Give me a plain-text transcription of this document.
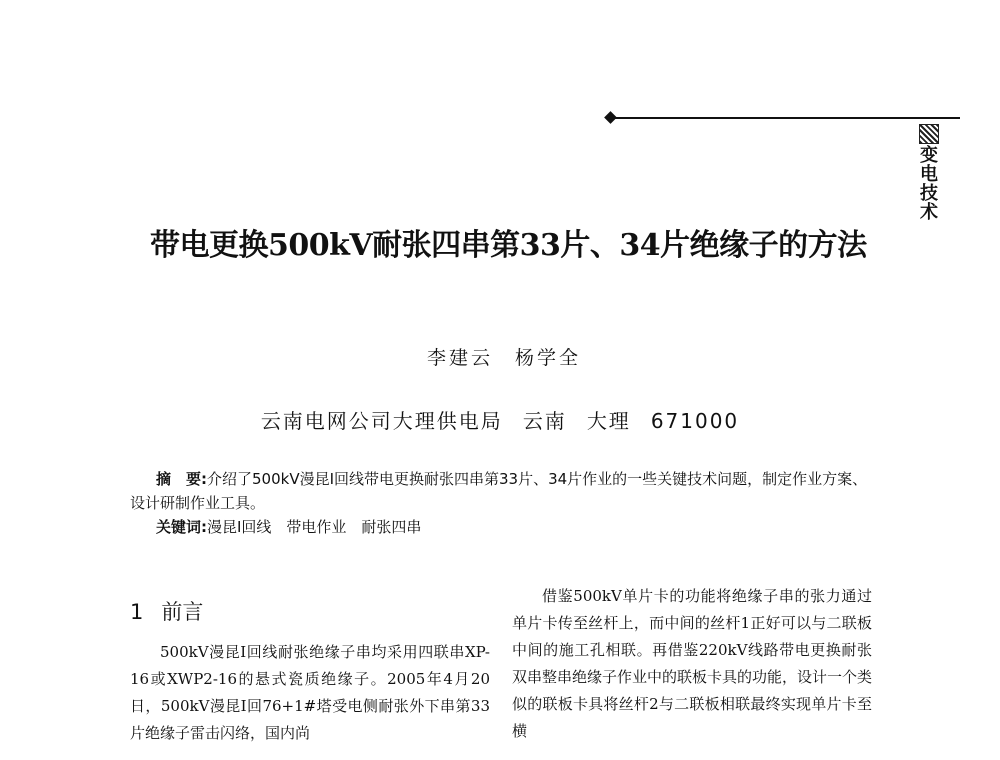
变
电
技
术
带电更换500kV耐张四串第33片、34片绝缘子的方法
李建云 杨学全
云南电网公司大理供电局 云南 大理 671000

摘　要:介绍了500kV漫昆Ⅰ回线带电更换耐张四串第33片、34片作业的一些关键技术问题，制定作业方案、设计研制作业工具。

关键词:漫昆Ⅰ回线　带电作业　耐张四串

1 前言

500kV漫昆Ⅰ回线耐张绝缘子串均采用四联串XP-16或XWP2-16的悬式瓷质绝缘子。2005年4月20日，500kV漫昆Ⅰ回76+1#塔受电侧耐张外下串第33片绝缘子雷击闪络，国内尚

借鉴500kV单片卡的功能将绝缘子串的张力通过单片卡传至丝杆上，而中间的丝杆1正好可以与二联板中间的施工孔相联。再借鉴220kV线路带电更换耐张双串整串绝缘子作业中的联板卡具的功能，设计一个类似的联板卡具将丝杆2与二联板相联最终实现单片卡至横
